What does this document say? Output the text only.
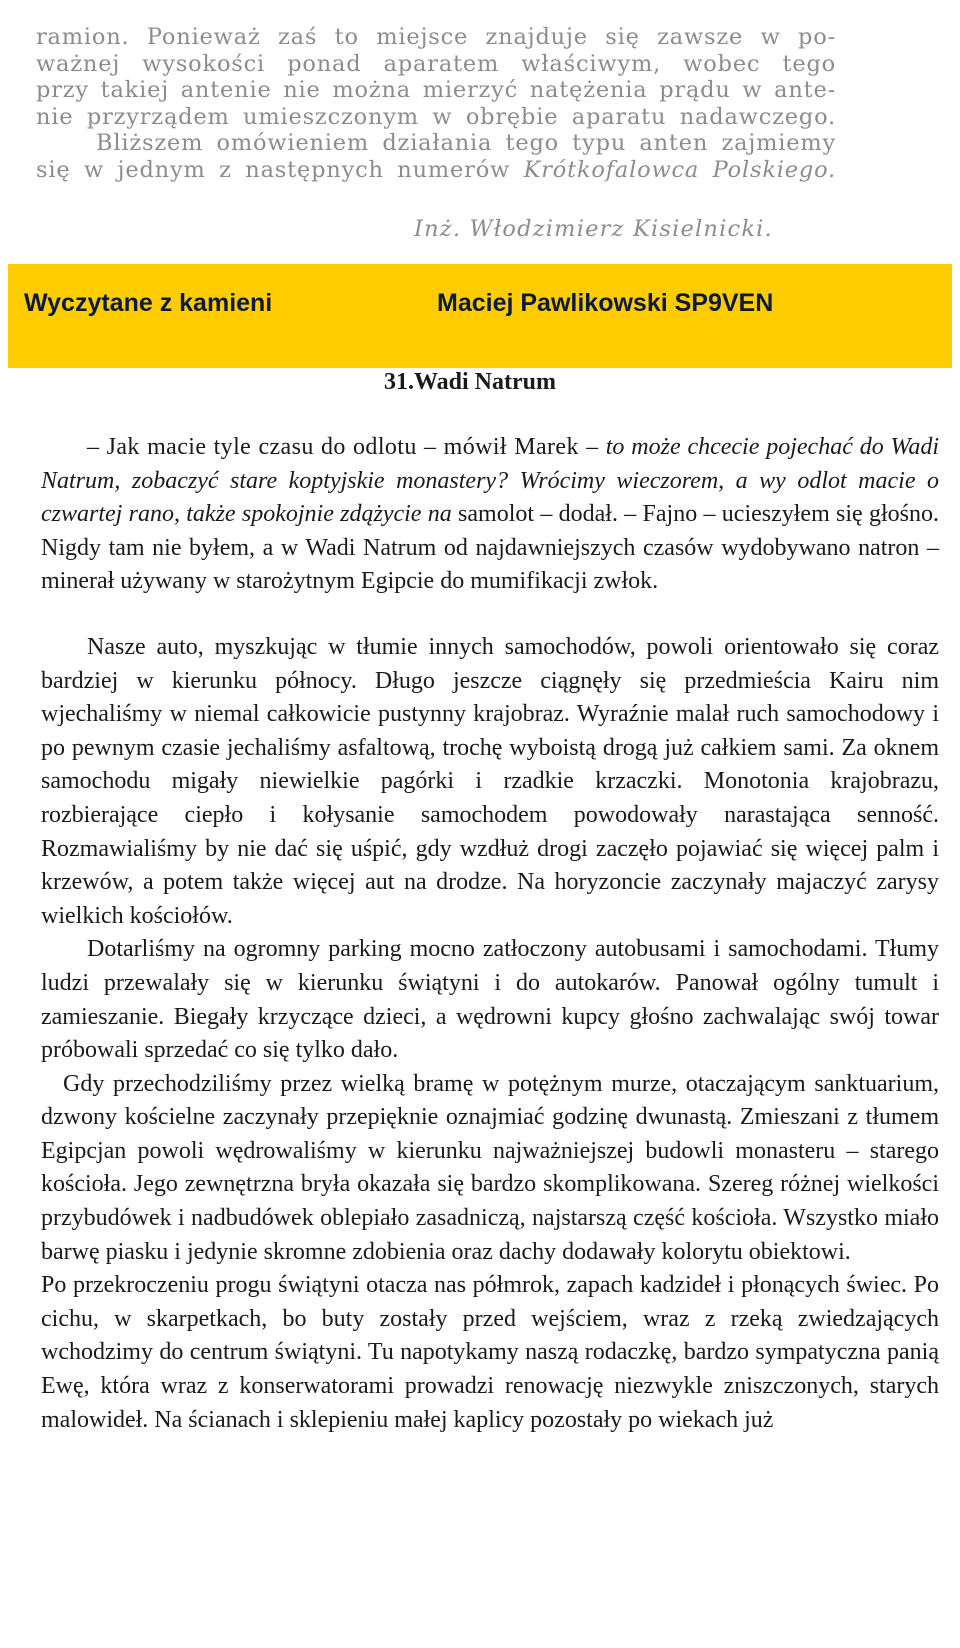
ramion. Ponieważ zaś to miejsce znajduje się zawsze w po-
ważnej wysokości ponad aparatem właściwym, wobec tego
przy takiej antenie nie można mierzyć natężenia prądu w ante-
nie przyrządem umieszczonym w obrębie aparatu nadawczego.
Bliższem omówieniem działania tego typu anten zajmiemy
się w jednym z następnych numerów Krótkofalowca Polskiego.
Inż. Włodzimierz Kisielnicki.
Wyczytane z kamieni	Maciej Pawlikowski SP9VEN
31.Wadi Natrum

– Jak macie tyle czasu do odlotu – mówił Marek – to może chcecie pojechać do Wadi Natrum, zobaczyć stare koptyjskie monastery? Wrócimy wieczorem, a wy odlot macie o czwartej rano, także spokojnie zdążycie na samolot – dodał. – Fajno – ucieszyłem się głośno. Nigdy tam nie byłem, a w Wadi Natrum od najdawniejszych czasów wydobywano natron – minerał używany w starożytnym Egipcie do mumifikacji zwłok.

Nasze auto, myszkując w tłumie innych samochodów, powoli orientowało się coraz bardziej w kierunku północy. Długo jeszcze ciągnęły się przedmieścia Kairu nim wjechaliśmy w niemal całkowicie pustynny krajobraz. Wyraźnie malał ruch samochodowy i po pewnym czasie jechaliśmy asfaltową, trochę wyboistą drogą już całkiem sami. Za oknem samochodu migały niewielkie pagórki i rzadkie krzaczki. Monotonia krajobrazu, rozbierające ciepło i kołysanie samochodem powodowały narastająca senność. Rozmawialiśmy by nie dać się uśpić, gdy wzdłuż drogi zaczęło pojawiać się więcej palm i krzewów, a potem także więcej aut na drodze. Na horyzoncie zaczynały majaczyć zarysy wielkich kościołów.

Dotarliśmy na ogromny parking mocno zatłoczony autobusami i samochodami. Tłumy ludzi przewalały się w kierunku świątyni i do autokarów. Panował ogólny tumult i zamieszanie. Biegały krzyczące dzieci, a wędrowni kupcy głośno zachwalając swój towar próbowali sprzedać co się tylko dało.

Gdy przechodziliśmy przez wielką bramę w potężnym murze, otaczającym sanktuarium, dzwony kościelne zaczynały przepięknie oznajmiać godzinę dwunastą. Zmieszani z tłumem Egipcjan powoli wędrowaliśmy w kierunku najważniejszej budowli monasteru – starego kościoła. Jego zewnętrzna bryła okazała się bardzo skomplikowana. Szereg różnej wielkości przybudówek i nadbudówek oblepiało zasadniczą, najstarszą część kościoła. Wszystko miało barwę piasku i jedynie skromne zdobienia oraz dachy dodawały kolorytu obiektowi.

Po przekroczeniu progu świątyni otacza nas półmrok, zapach kadzideł i płonących świec. Po cichu, w skarpetkach, bo buty zostały przed wejściem, wraz z rzeką zwiedzających wchodzimy do centrum świątyni. Tu napotykamy naszą rodaczkę, bardzo sympatyczna panią Ewę, która wraz z konserwatorami prowadzi renowację niezwykle zniszczonych, starych malowideł. Na ścianach i sklepieniu małej kaplicy pozostały po wiekach już
